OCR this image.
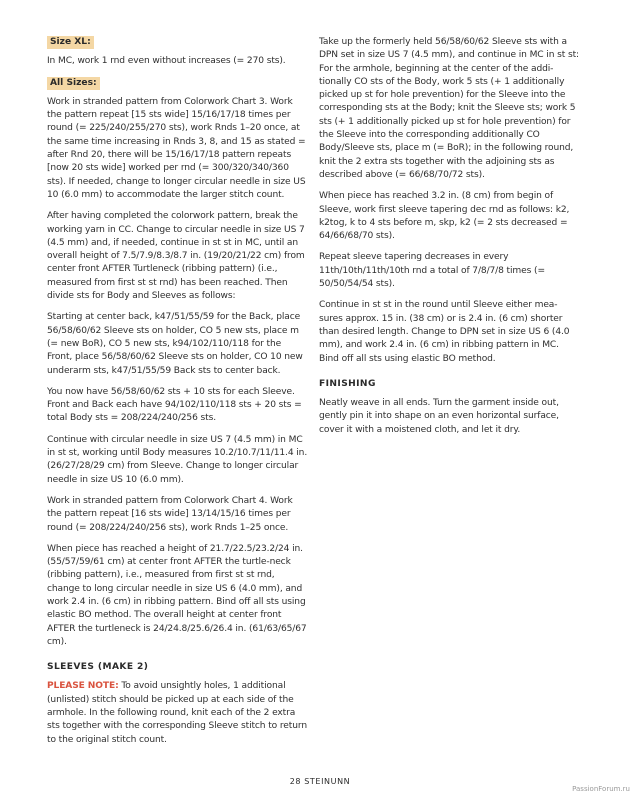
Size XL:

In MC, work 1 rnd even without increases (= 270 sts).

All Sizes:

Work in stranded pattern from Colorwork Chart 3. Work the pattern repeat [15 sts wide] 15/16/17/18 times per round (= 225/240/255/270 sts), work Rnds 1–20 once, at the same time increasing in Rnds 3, 8, and 15 as stated = after Rnd 20, there will be 15/16/17/18 pattern repeats [now 20 sts wide] worked per rnd (= 300/320/340/360 sts). If needed, change to longer circular needle in size US 10 (6.0 mm) to accommodate the larger stitch count.

After having completed the colorwork pattern, break the working yarn in CC. Change to circular needle in size US 7 (4.5 mm) and, if needed, continue in st st in MC, until an overall height of 7.5/7.9/8.3/8.7 in. (19/20/21/22 cm) from center front AFTER Turtleneck (ribbing pattern) (i.e., measured from first st st rnd) has been reached. Then divide sts for Body and Sleeves as follows:

Starting at center back, k47/51/55/59 for the Back, place 56/58/60/62 Sleeve sts on holder, CO 5 new sts, place m (= new BoR), CO 5 new sts, k94/102/110/118 for the Front, place 56/58/60/62 Sleeve sts on holder, CO 10 new underarm sts, k47/51/55/59 Back sts to center back.

You now have 56/58/60/62 sts + 10 sts for each Sleeve. Front and Back each have 94/102/110/118 sts + 20 sts = total Body sts = 208/224/240/256 sts.

Continue with circular needle in size US 7 (4.5 mm) in MC in st st, working until Body measures 10.2/10.7/11/11.4 in. (26/27/28/29 cm) from Sleeve. Change to longer circular needle in size US 10 (6.0 mm).

Work in stranded pattern from Colorwork Chart 4. Work the pattern repeat [16 sts wide] 13/14/15/16 times per round (= 208/224/240/256 sts), work Rnds 1–25 once.

When piece has reached a height of 21.7/22.5/23.2/24 in. (55/57/59/61 cm) at center front AFTER the turtle-neck (ribbing pattern), i.e., measured from first st st rnd, change to long circular needle in size US 6 (4.0 mm), and work 2.4 in. (6 cm) in ribbing pattern. Bind off all sts using elastic BO method. The overall height at center front AFTER the turtleneck is 24/24.8/25.6/26.4 in. (61/63/65/67 cm).

SLEEVES (MAKE 2)

PLEASE NOTE: To avoid unsightly holes, 1 additional (unlisted) stitch should be picked up at each side of the armhole. In the following round, knit each of the 2 extra sts together with the corresponding Sleeve stitch to return to the original stitch count.

Take up the formerly held 56/58/60/62 Sleeve sts with a DPN set in size US 7 (4.5 mm), and continue in MC in st st: For the armhole, beginning at the center of the addi-tionally CO sts of the Body, work 5 sts (+ 1 additionally picked up st for hole prevention) for the Sleeve into the corresponding sts at the Body; knit the Sleeve sts; work 5 sts (+ 1 additionally picked up st for hole prevention) for the Sleeve into the corresponding additionally CO Body/Sleeve sts, place m (= BoR); in the following round, knit the 2 extra sts together with the adjoining sts as described above (= 66/68/70/72 sts).

When piece has reached 3.2 in. (8 cm) from begin of Sleeve, work first sleeve tapering dec rnd as follows: k2, k2tog, k to 4 sts before m, skp, k2 (= 2 sts decreased = 64/66/68/70 sts).

Repeat sleeve tapering decreases in every 11th/10th/11th/10th rnd a total of 7/8/7/8 times (= 50/50/54/54 sts).

Continue in st st in the round until Sleeve either mea-sures approx. 15 in. (38 cm) or is 2.4 in. (6 cm) shorter than desired length. Change to DPN set in size US 6 (4.0 mm), and work 2.4 in. (6 cm) in ribbing pattern in MC. Bind off all sts using elastic BO method.

FINISHING

Neatly weave in all ends. Turn the garment inside out, gently pin it into shape on an even horizontal surface, cover it with a moistened cloth, and let it dry.

28 STEINUNN
PassionForum.ru
